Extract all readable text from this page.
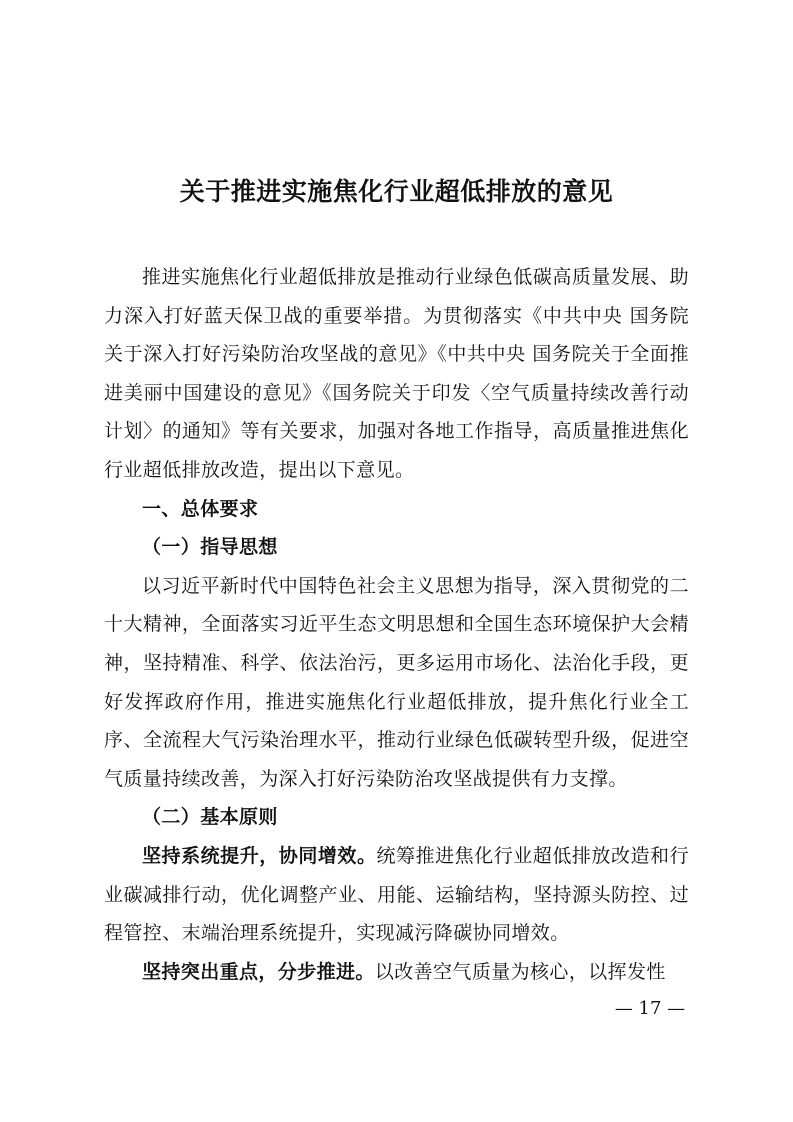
关于推进实施焦化行业超低排放的意见

推进实施焦化行业超低排放是推动行业绿色低碳高质量发展、助力深入打好蓝天保卫战的重要举措。为贯彻落实《中共中央 国务院关于深入打好污染防治攻坚战的意见》《中共中央 国务院关于全面推进美丽中国建设的意见》《国务院关于印发〈空气质量持续改善行动计划〉的通知》等有关要求，加强对各地工作指导，高质量推进焦化行业超低排放改造，提出以下意见。

一、总体要求

（一）指导思想

以习近平新时代中国特色社会主义思想为指导，深入贯彻党的二十大精神，全面落实习近平生态文明思想和全国生态环境保护大会精神，坚持精准、科学、依法治污，更多运用市场化、法治化手段，更好发挥政府作用，推进实施焦化行业超低排放，提升焦化行业全工序、全流程大气污染治理水平，推动行业绿色低碳转型升级，促进空气质量持续改善，为深入打好污染防治攻坚战提供有力支撑。

（二）基本原则

坚持系统提升，协同增效。统筹推进焦化行业超低排放改造和行业碳减排行动，优化调整产业、用能、运输结构，坚持源头防控、过程管控、末端治理系统提升，实现减污降碳协同增效。

坚持突出重点，分步推进。以改善空气质量为核心，以挥发性

— 17 —
